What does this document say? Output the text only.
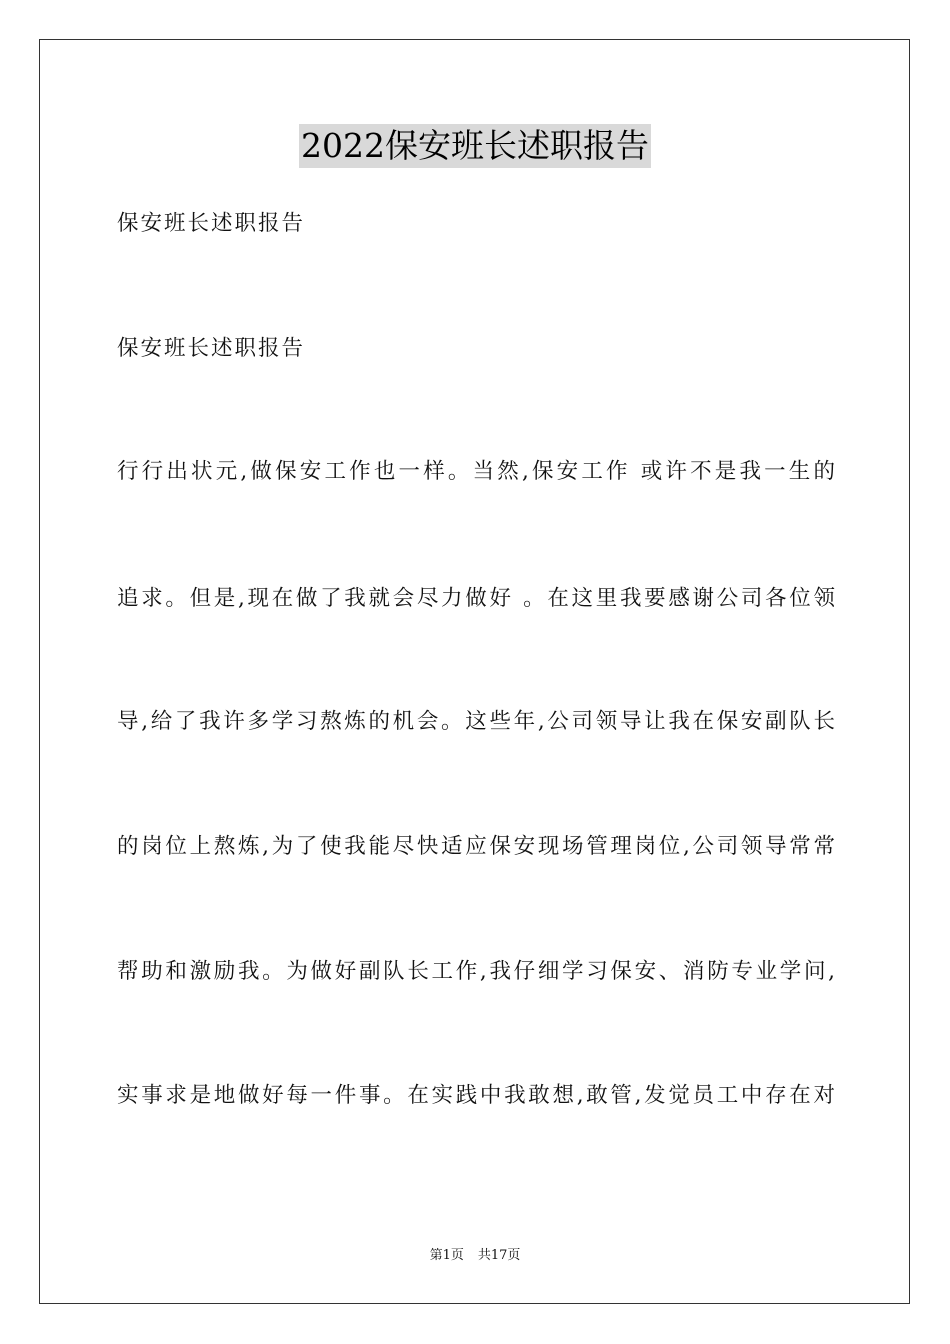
2022保安班长述职报告

保安班长述职报告

保安班长述职报告

行行出状元,做保安工作也一样。当然,保安工作 或许不是我一生的

追求。但是,现在做了我就会尽力做好 。在这里我要感谢公司各位领

导,给了我许多学习熬炼的机会。这些年,公司领导让我在保安副队长

的岗位上熬炼,为了使我能尽快适应保安现场管理岗位,公司领导常常

帮助和激励我。为做好副队长工作,我仔细学习保安、消防专业学问,

实事求是地做好每一件事。在实践中我敢想,敢管,发觉员工中存在对

第1页 共17页
